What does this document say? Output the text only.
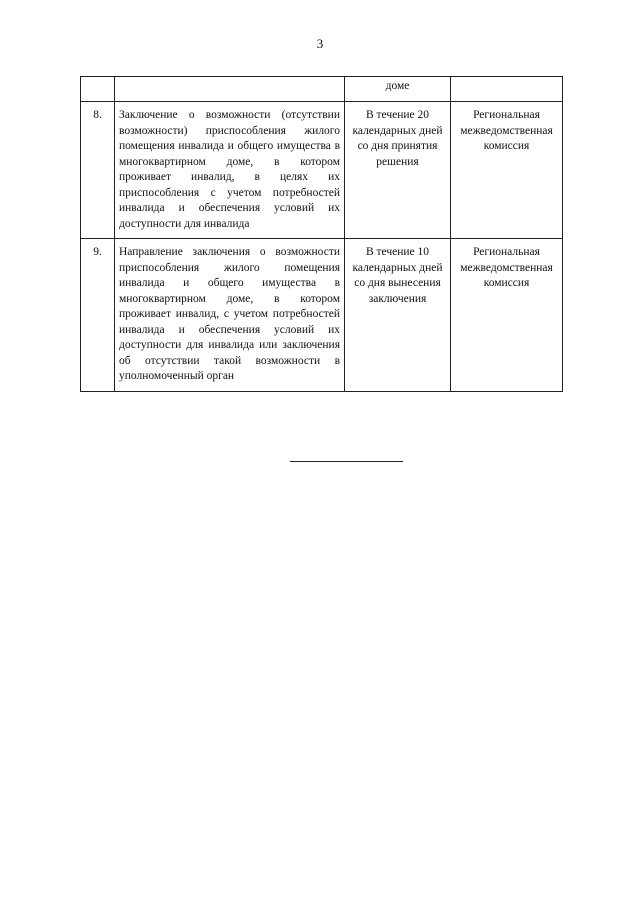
3
		доме	
8.	Заключение о возможности (отсутствии возможности) приспособления жилого помещения инвалида и общего имущества в многоквартирном доме, в котором проживает инвалид, в целях их приспособления с учетом потребностей инвалида и обеспечения условий их доступности для инвалида	В течение 20 календарных дней со дня принятия решения	Региональная межведомственная комиссия
9.	Направление заключения о возможности приспособления жилого помещения инвалида и общего имущества в многоквартирном доме, в котором проживает инвалид, с учетом потребностей инвалида и обеспечения условий их доступности для инвалида или заключения об отсутствии такой возможности в уполномоченный орган	В течение 10 календарных дней со дня вынесения заключения	Региональная межведомственная комиссия
